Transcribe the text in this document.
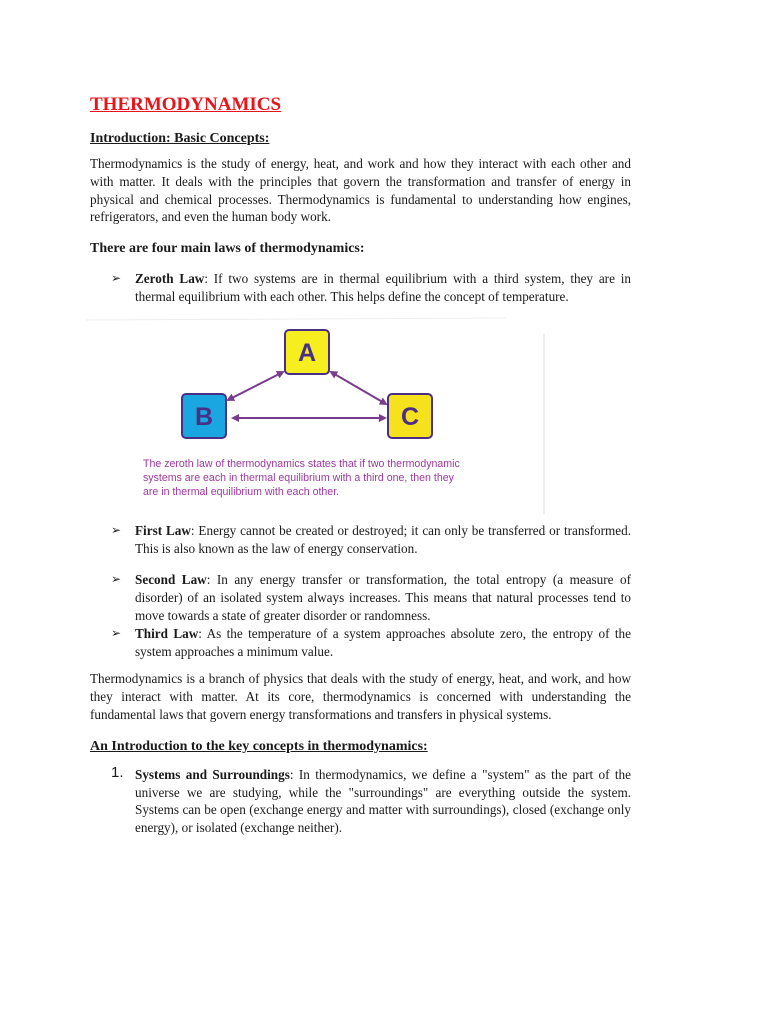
THERMODYNAMICS
Introduction: Basic Concepts:
Thermodynamics is the study of energy, heat, and work and how they interact with each other and with matter. It deals with the principles that govern the transformation and transfer of energy in physical and chemical processes. Thermodynamics is fundamental to understanding how engines, refrigerators, and even the human body work.
There are four main laws of thermodynamics:
➢ Zeroth Law: If two systems are in thermal equilibrium with a third system, they are in thermal equilibrium with each other. This helps define the concept of temperature.
A
B	C
The zeroth law of thermodynamics states that if two thermodynamic
systems are each in thermal equilibrium with a third one, then they
are in thermal equilibrium with each other.
➢ First Law: Energy cannot be created or destroyed; it can only be transferred or transformed. This is also known as the law of energy conservation.
➢ Second Law: In any energy transfer or transformation, the total entropy (a measure of disorder) of an isolated system always increases. This means that natural processes tend to move towards a state of greater disorder or randomness.
➢ Third Law: As the temperature of a system approaches absolute zero, the entropy of the system approaches a minimum value.
Thermodynamics is a branch of physics that deals with the study of energy, heat, and work, and how they interact with matter. At its core, thermodynamics is concerned with understanding the fundamental laws that govern energy transformations and transfers in physical systems.
An Introduction to the key concepts in thermodynamics:
1. Systems and Surroundings: In thermodynamics, we define a "system" as the part of the universe we are studying, while the "surroundings" are everything outside the system. Systems can be open (exchange energy and matter with surroundings), closed (exchange only energy), or isolated (exchange neither).
